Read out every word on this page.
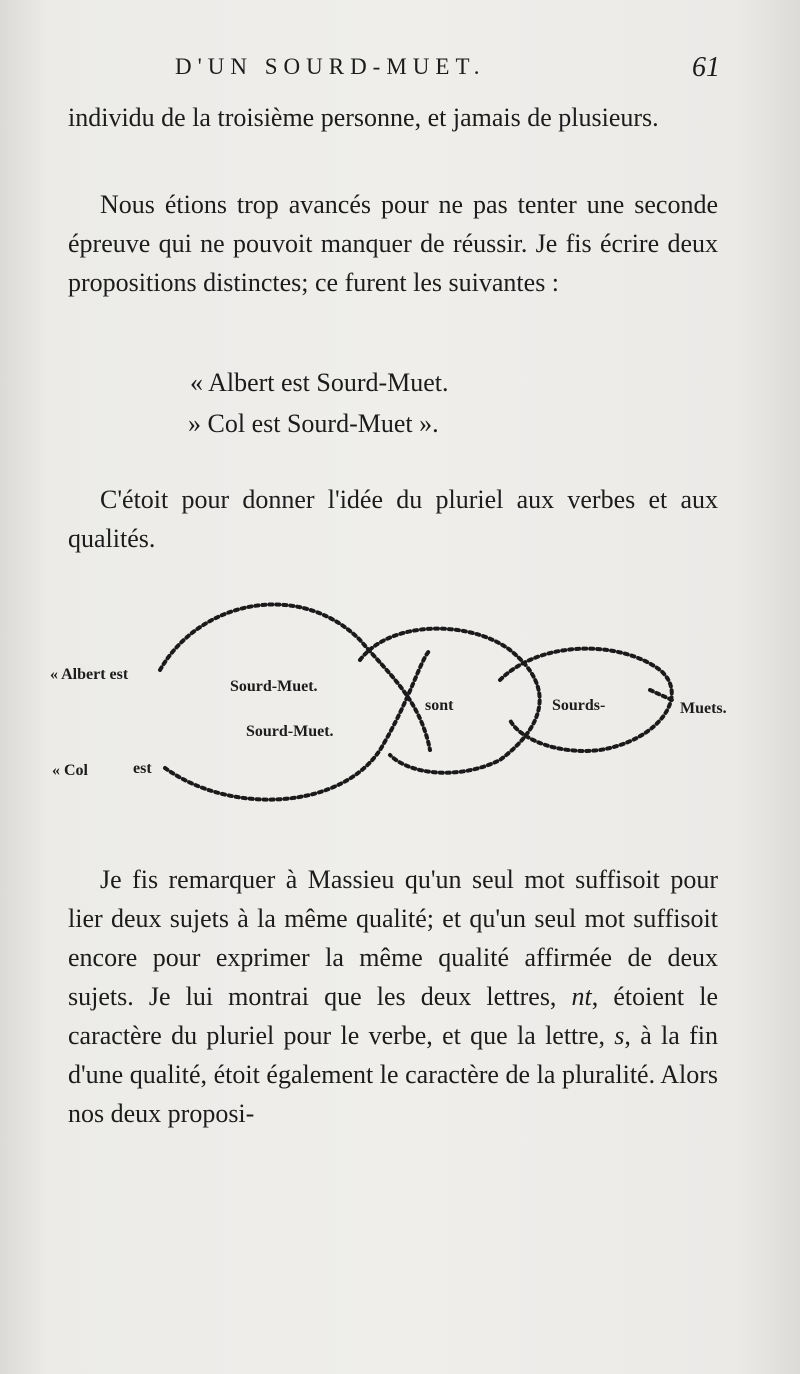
D'UN SOURD-MUET.	61

individu de la troisième personne, et jamais de plusieurs.

Nous étions trop avancés pour ne pas tenter une seconde épreuve qui ne pouvoit manquer de réussir. Je fis écrire deux propositions distinctes; ce furent les suivantes :

« Albert est Sourd-Muet.
» Col est Sourd-Muet ».

C'étoit pour donner l'idée du pluriel aux verbes et aux qualités.

« Albert est
« Col	est
Sourd-Muet.
Sourd-Muet.
sont	Sourds-	Muets.

Je fis remarquer à Massieu qu'un seul mot suffisoit pour lier deux sujets à la même qualité; et qu'un seul mot suffisoit encore pour exprimer la même qualité affirmée de deux sujets. Je lui montrai que les deux lettres, nt, étoient le caractère du pluriel pour le verbe, et que la lettre, s, à la fin d'une qualité, étoit également le caractère de la pluralité. Alors nos deux proposi-
